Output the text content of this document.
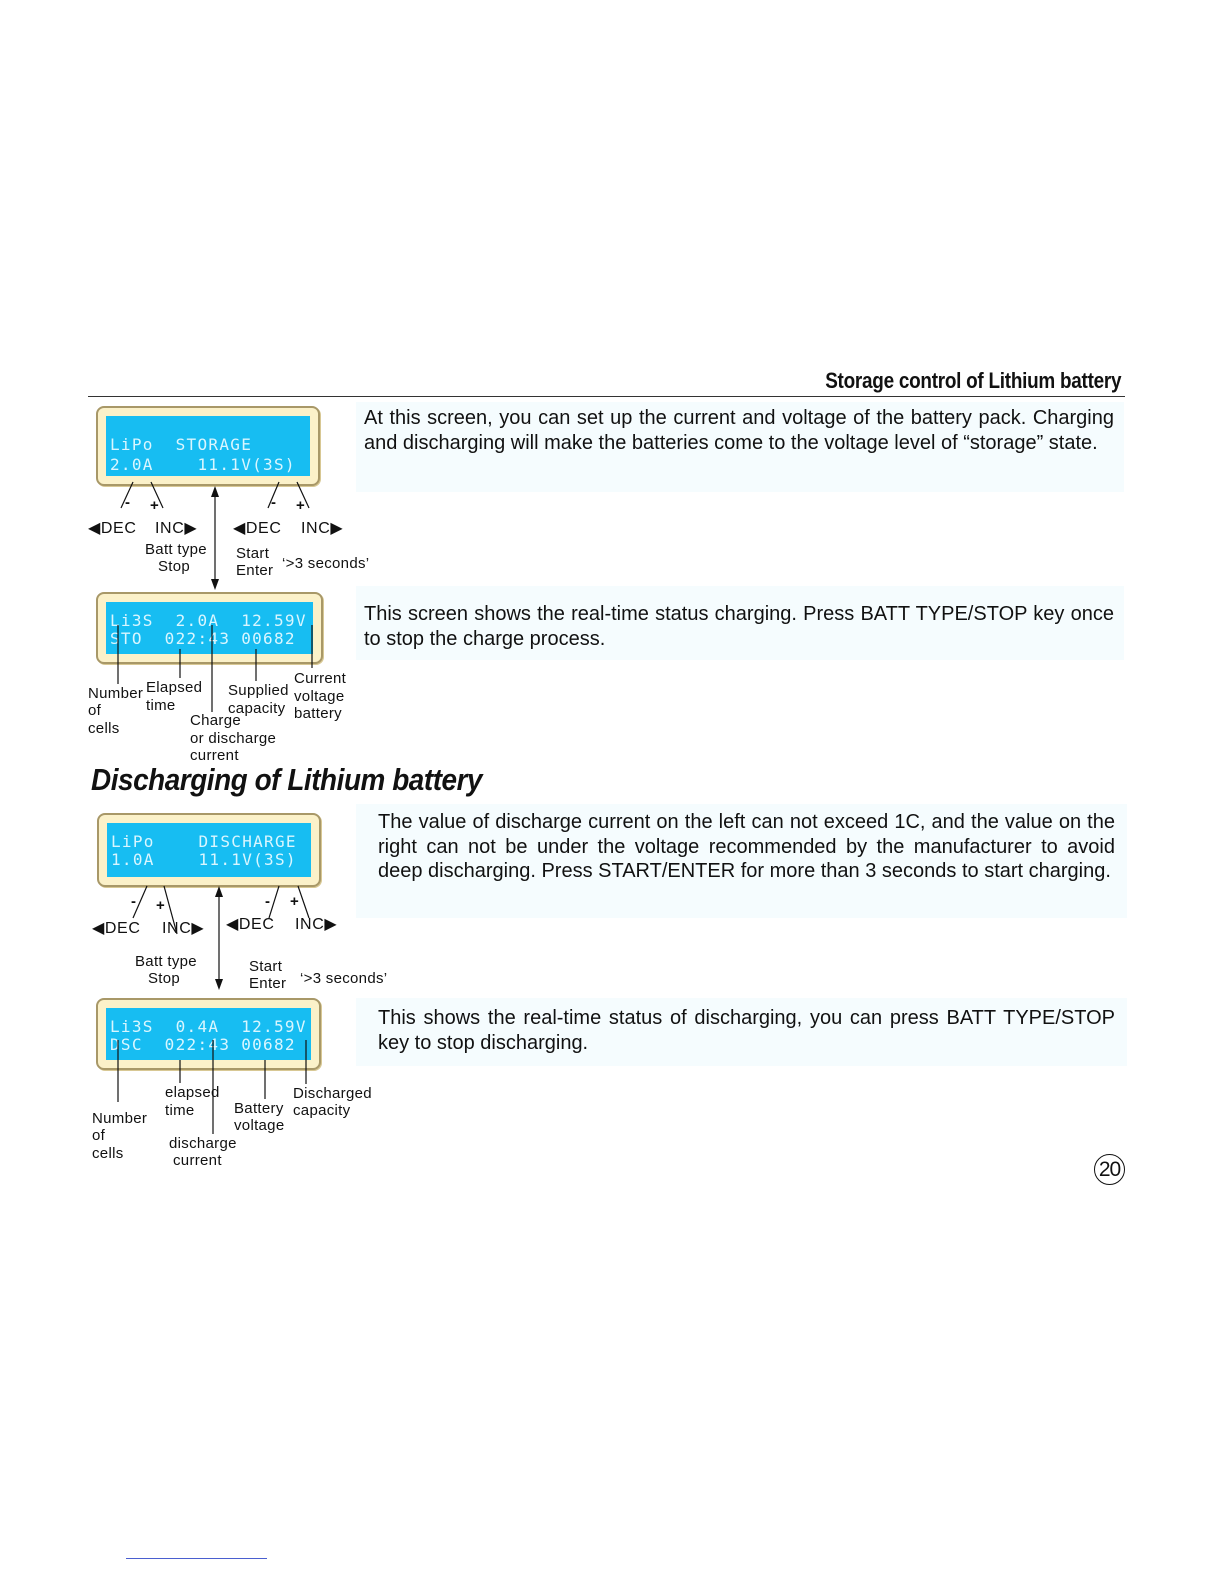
Storage control of Lithium battery
LiPo  STORAGE
2.0A    11.1V(3S)
At this screen, you can set up the current and voltage of the battery pack. Charging and discharging will make the batteries come to the voltage level of “storage” state.
- +	- +
◀DEC INC▶ ◀DEC INC▶
Batt type
Stop
Start
Enter ‘>3 seconds’
Li3S  2.0A  12.59V
STO  022:43 00682
This screen shows the real-time status charging. Press BATT TYPE/STOP key once to stop the charge process.
Number
of
cells
Elapsed
time
Charge
or discharge
current
Supplied
capacity
Current
voltage
battery
Discharging of Lithium battery
LiPo    DISCHARGE
1.0A    11.1V(3S)
The value of discharge current on the left can not exceed 1C, and the value on the right can not be under the voltage recommended by the manufacturer to avoid deep discharging. Press START/ENTER for more than 3 seconds to start charging.
- +	- +
◀DEC INC▶ ◀DEC INC▶
Batt type
Stop
Start
Enter ‘>3 seconds’
Li3S  0.4A  12.59V
DSC  022:43 00682
This shows the real-time status of discharging, you can press BATT TYPE/STOP key to stop discharging.
Number
of
cells
elapsed
time
discharge
current
Battery
voltage
Discharged
capacity
20
